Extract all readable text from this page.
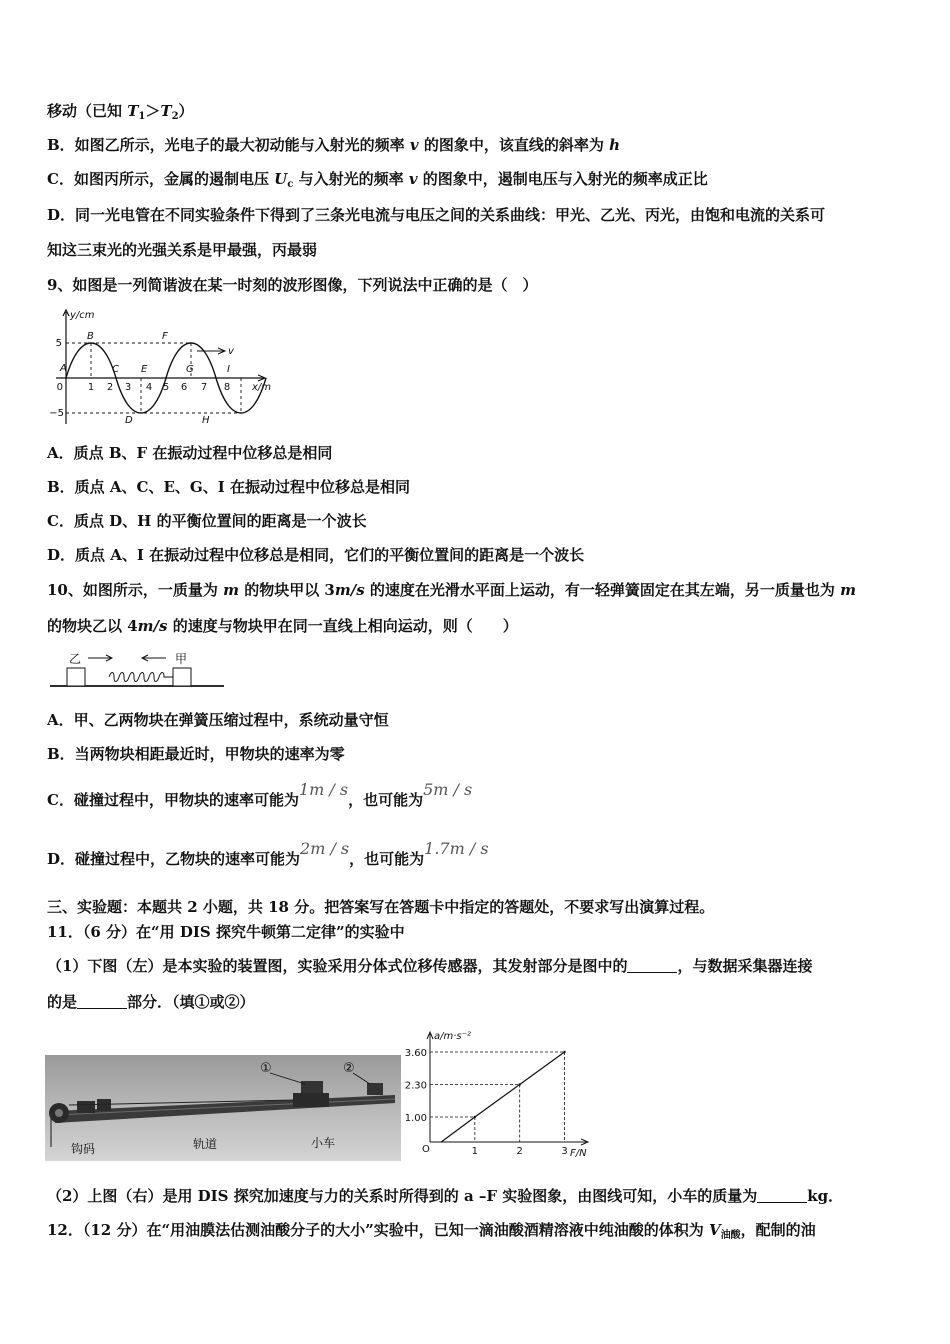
移动（已知 $T_1>T_2$）
B．如图乙所示，光电子的最大初动能与入射光的频率 v 的图象中，该直线的斜率为 h
C．如图丙所示，金属的遏制电压 $U_c$ 与入射光的频率 v 的图象中，遏制电压与入射光的频率成正比
D．同一光电管在不同实验条件下得到了三条光电流与电压之间的关系曲线：甲光、乙光、丙光，由饱和电流的关系可
知这三束光的光强关系是甲最强，丙最弱
9、如图是一列简谐波在某一时刻的波形图像，下列说法中正确的是（　）
y/cm
x/m
v
5
0
−5
1 2 3 4 5 6 7 8
A
B
C
D
E
F
G
H
I
A．质点 B、F 在振动过程中位移总是相同
B．质点 A、C、E、G、I 在振动过程中位移总是相同
C．质点 D、H 的平衡位置间的距离是一个波长
D．质点 A、I 在振动过程中位移总是相同，它们的平衡位置间的距离是一个波长
10、如图所示，一质量为 m 的物块甲以 3m/s 的速度在光滑水平面上运动，有一轻弹簧固定在其左端，另一质量也为 m
的物块乙以 4m/s 的速度与物块甲在同一直线上相向运动，则（　　）
乙	甲
A．甲、乙两物块在弹簧压缩过程中，系统动量守恒
B．当两物块相距最近时，甲物块的速率为零
C．碰撞过程中，甲物块的速率可能为1m / s，也可能为5m / s
D．碰撞过程中，乙物块的速率可能为2m / s，也可能为1.7m / s
三、实验题：本题共 2 小题，共 18 分。把答案写在答题卡中指定的答题处，不要求写出演算过程。
11．（6 分）在“用 DIS 探究牛顿第二定律”的实验中
（1）下图（左）是本实验的装置图，实验采用分体式位移传感器，其发射部分是图中的	，与数据采集器连接
的是	部分．（填①或②）
①	②
钩码	轨道	小车
1.00
1
2.30
2
3.60
3
O
a/m·s⁻²
F/N
（2）上图（右）是用 DIS 探究加速度与力的关系时所得到的 a –F 实验图象，由图线可知，小车的质量为	kg．
12．（12 分）在“用油膜法估测油酸分子的大小”实验中，已知一滴油酸酒精溶液中纯油酸的体积为 $V_{油酸}$，配制的油
